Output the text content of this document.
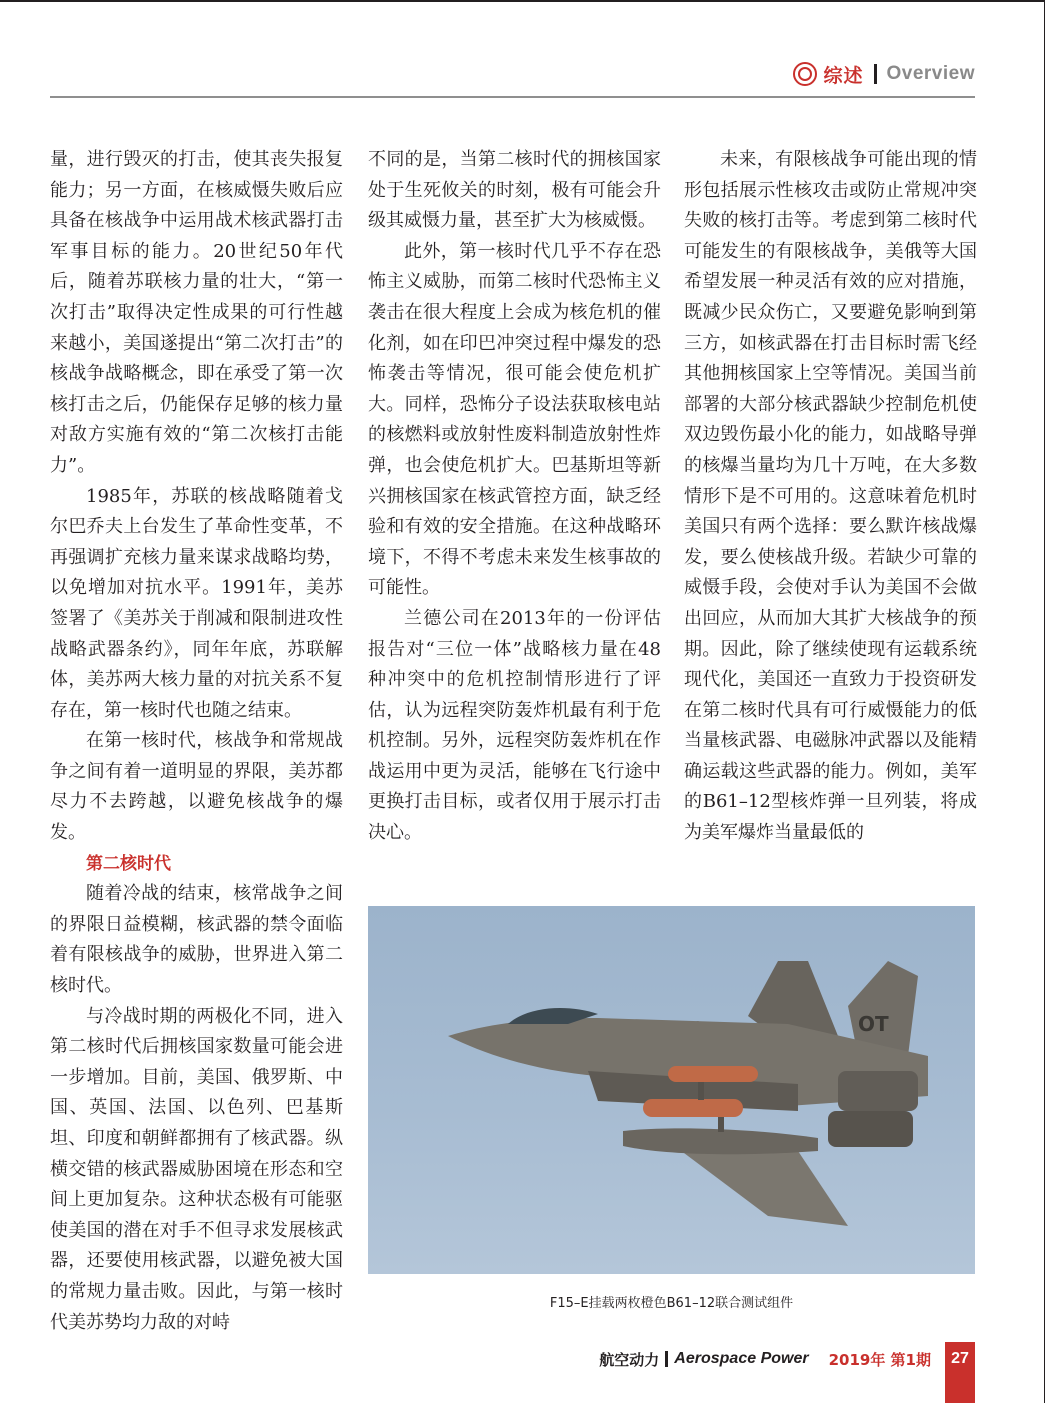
综述 Overview

量，进行毁灭的打击，使其丧失报复能力；另一方面，在核威慑失败后应具备在核战争中运用战术核武器打击军事目标的能力。20世纪50年代后，随着苏联核力量的壮大，“第一次打击”取得决定性成果的可行性越来越小，美国遂提出“第二次打击”的核战争战略概念，即在承受了第一次核打击之后，仍能保存足够的核力量对敌方实施有效的“第二次核打击能力”。

1985年，苏联的核战略随着戈尔巴乔夫上台发生了革命性变革，不再强调扩充核力量来谋求战略均势，以免增加对抗水平。1991年，美苏签署了《美苏关于削减和限制进攻性战略武器条约》，同年年底，苏联解体，美苏两大核力量的对抗关系不复存在，第一核时代也随之结束。

在第一核时代，核战争和常规战争之间有着一道明显的界限，美苏都尽力不去跨越，以避免核战争的爆发。

第二核时代

随着冷战的结束，核常战争之间的界限日益模糊，核武器的禁令面临着有限核战争的威胁，世界进入第二核时代。

与冷战时期的两极化不同，进入第二核时代后拥核国家数量可能会进一步增加。目前，美国、俄罗斯、中国、英国、法国、以色列、巴基斯坦、印度和朝鲜都拥有了核武器。纵横交错的核武器威胁困境在形态和空间上更加复杂。这种状态极有可能驱使美国的潜在对手不但寻求发展核武器，还要使用核武器，以避免被大国的常规力量击败。因此，与第一核时代美苏势均力敌的对峙

不同的是，当第二核时代的拥核国家处于生死攸关的时刻，极有可能会升级其威慑力量，甚至扩大为核威慑。

此外，第一核时代几乎不存在恐怖主义威胁，而第二核时代恐怖主义袭击在很大程度上会成为核危机的催化剂，如在印巴冲突过程中爆发的恐怖袭击等情况，很可能会使危机扩大。同样，恐怖分子设法获取核电站的核燃料或放射性废料制造放射性炸弹，也会使危机扩大。巴基斯坦等新兴拥核国家在核武管控方面，缺乏经验和有效的安全措施。在这种战略环境下，不得不考虑未来发生核事故的可能性。

兰德公司在2013年的一份评估报告对“三位一体”战略核力量在48种冲突中的危机控制情形进行了评估，认为远程突防轰炸机最有利于危机控制。另外，远程突防轰炸机在作战运用中更为灵活，能够在飞行途中更换打击目标，或者仅用于展示打击决心。

未来，有限核战争可能出现的情形包括展示性核攻击或防止常规冲突失败的核打击等。考虑到第二核时代可能发生的有限核战争，美俄等大国希望发展一种灵活有效的应对措施，既减少民众伤亡，又要避免影响到第三方，如核武器在打击目标时需飞经其他拥核国家上空等情况。美国当前部署的大部分核武器缺少控制危机使双边毁伤最小化的能力，如战略导弹的核爆当量均为几十万吨，在大多数情形下是不可用的。这意味着危机时美国只有两个选择：要么默许核战爆发，要么使核战升级。若缺少可靠的威慑手段，会使对手认为美国不会做出回应，从而加大其扩大核战争的预期。因此，除了继续使现有运载系统现代化，美国还一直致力于投资研发在第二核时代具有可行威慑能力的低当量核武器、电磁脉冲武器以及能精确运载这些武器的能力。例如，美军的B61–12型核炸弹一旦列装，将成为美军爆炸当量最低的

OT
F15–E挂载两枚橙色B61–12联合测试组件
航空动力 Aerospace Power 2019年 第1期	27
